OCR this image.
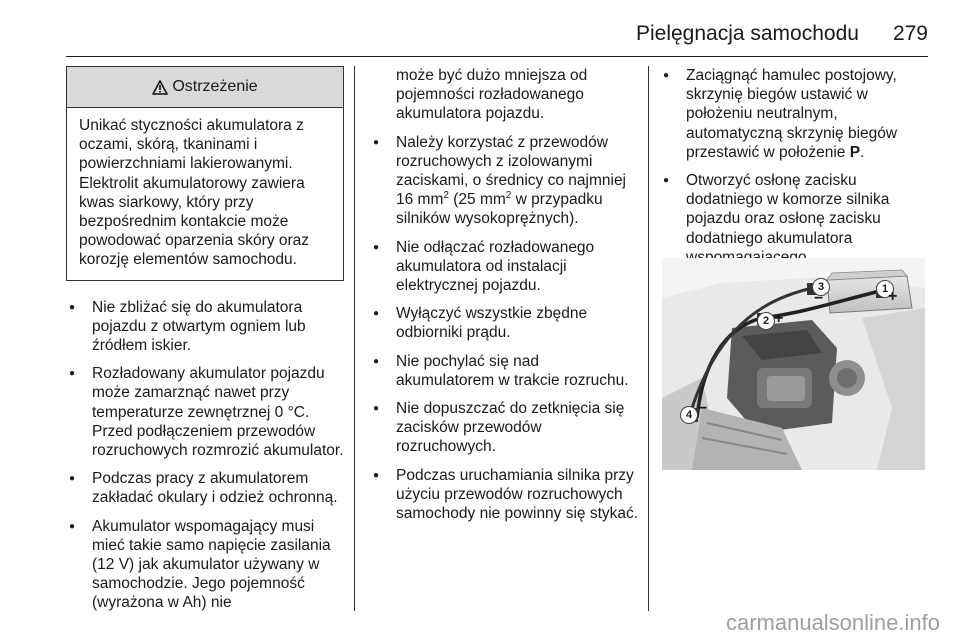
Pielęgnacja samochodu 279
Ostrzeżenie
Unikać styczności akumulatora z oczami, skórą, tkaninami i powierzchniami lakierowanymi. Elektrolit akumulatorowy zawiera kwas siarkowy, który przy bezpośrednim kontakcie może powodować oparzenia skóry oraz korozję elementów samochodu.
● Nie zbliżać się do akumulatora pojazdu z otwartym ogniem lub źródłem iskier.
● Rozładowany akumulator pojazdu może zamarznąć nawet przy temperaturze zewnętrznej 0 °C. Przed podłączeniem przewodów rozruchowych rozmrozić akumulator.
● Podczas pracy z akumulatorem zakładać okulary i odzież ochronną.
● Akumulator wspomagający musi mieć takie samo napięcie zasilania (12 V) jak akumulator używany w samochodzie. Jego pojemność (wyrażona w Ah) nie
może być dużo mniejsza od pojemności rozładowanego akumulatora pojazdu.
● Należy korzystać z przewodów rozruchowych z izolowanymi zaciskami, o średnicy co najmniej 16 $mm^2$ (25 $mm^2$ w przypadku silników wysokoprężnych).
● Nie odłączać rozładowanego akumulatora od instalacji elektrycznej pojazdu.
● Wyłączyć wszystkie zbędne odbiorniki prądu.
● Nie pochylać się nad akumulatorem w trakcie rozruchu.
● Nie dopuszczać do zetknięcia się zacisków przewodów rozruchowych.
● Podczas uruchamiania silnika przy użyciu przewodów rozruchowych samochody nie powinny się stykać.
● Zaciągnąć hamulec postojowy, skrzynię biegów ustawić w położeniu neutralnym, automatyczną skrzynię biegów przestawić w położenie P.
● Otworzyć osłonę zacisku dodatniego w komorze silnika pojazdu oraz osłonę zacisku dodatniego akumulatora
1 +
2 +
3
−
4 −
carmanualsonline.info
